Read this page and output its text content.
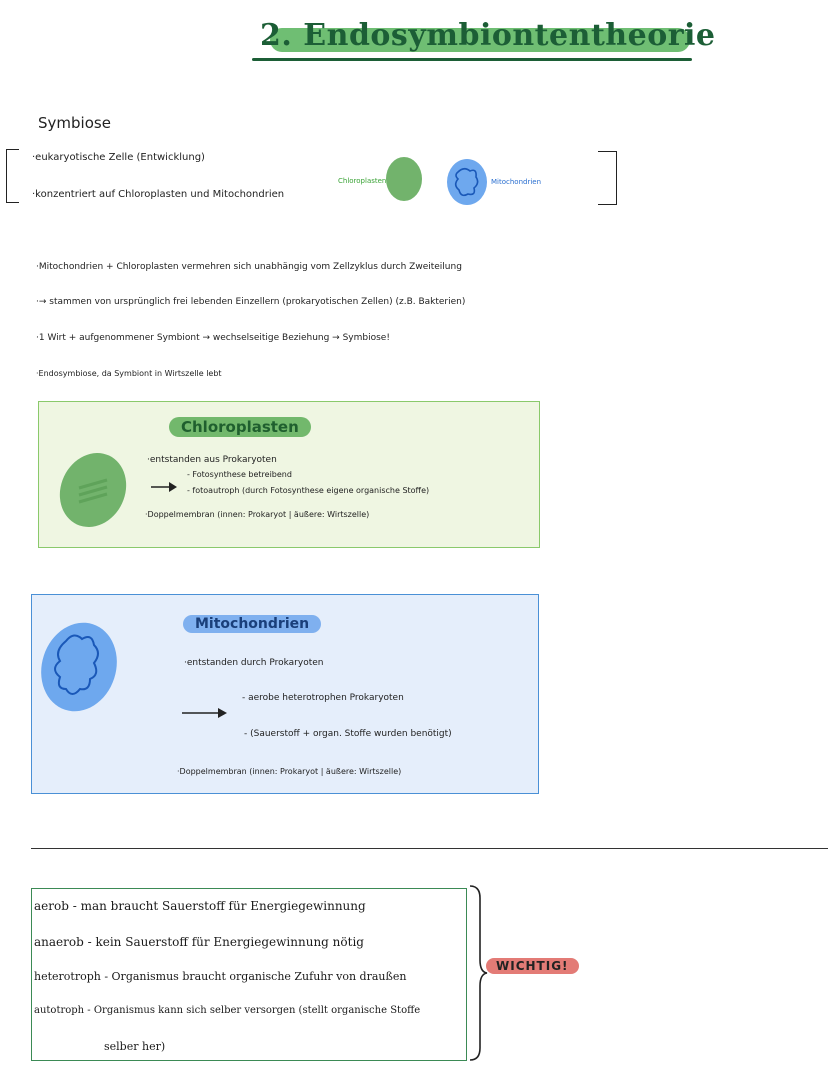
2. Endosymbiontentheorie
Symbiose
·eukaryotische Zelle (Entwicklung)
·konzentriert auf Chloroplasten und Mitochondrien
Chloroplasten	Mitochondrien
·Mitochondrien + Chloroplasten vermehren sich unabhängig vom Zellzyklus durch Zweiteilung
·→ stammen von ursprünglich frei lebenden Einzellern (prokaryotischen Zellen) (z.B. Bakterien)
·1 Wirt + aufgenommener Symbiont → wechselseitige Beziehung → Symbiose!
·Endosymbiose, da Symbiont in Wirtszelle lebt
Chloroplasten
·entstanden aus Prokaryoten
- Fotosynthese betreibend
- fotoautroph (durch Fotosynthese eigene organische Stoffe)
·Doppelmembran (innen: Prokaryot | äußere: Wirtszelle)
Mitochondrien
·entstanden durch Prokaryoten
- aerobe heterotrophen Prokaryoten
- (Sauerstoff + organ. Stoffe wurden benötigt)
·Doppelmembran (innen: Prokaryot | äußere: Wirtszelle)
aerob - man braucht Sauerstoff für Energiegewinnung
anaerob - kein Sauerstoff für Energiegewinnung nötig
heterotroph - Organismus braucht organische Zufuhr von draußen
autotroph - Organismus kann sich selber versorgen (stellt organische Stoffe
selber her)
WICHTIG!
